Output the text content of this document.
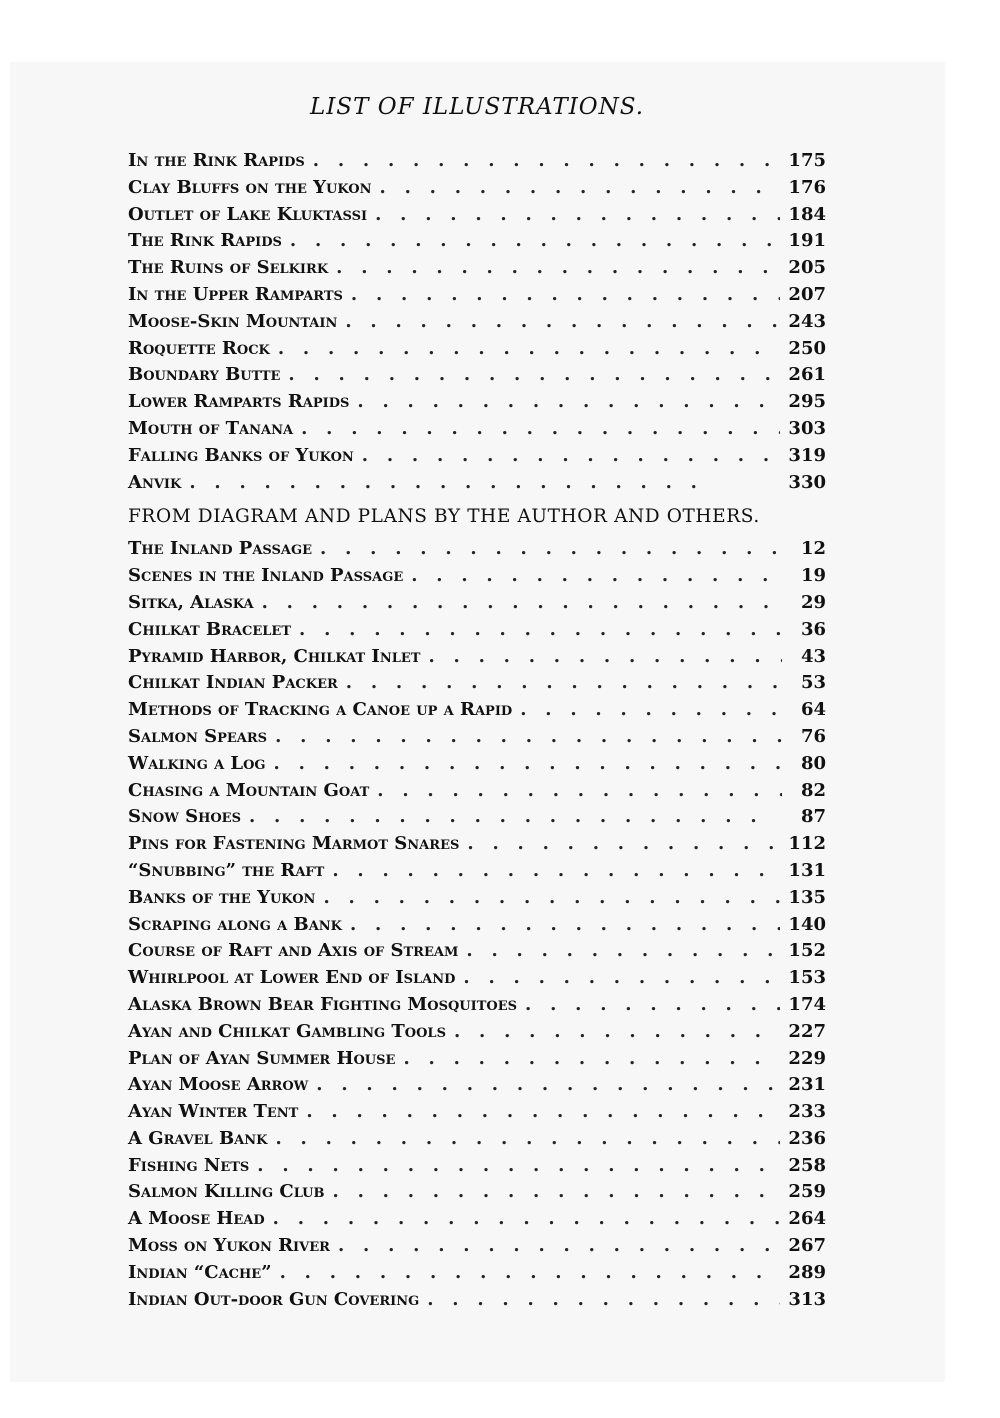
LIST OF ILLUSTRATIONS.
In the Rink Rapids . .	175
Clay Bluffs on the Yukon . .	176
Outlet of Lake Kluktassi . .	184
The Rink Rapids . .	191
The Ruins of Selkirk . .	205
In the Upper Ramparts . .	207
Moose-Skin Mountain . .	243
Roquette Rock . .	250
Boundary Butte . .	261
Lower Ramparts Rapids . .	295
Mouth of Tanana . .	303
Falling Banks of Yukon . .	319
Anvik . .	330
FROM DIAGRAM AND PLANS BY THE AUTHOR AND OTHERS.
The Inland Passage . .	12
Scenes in the Inland Passage . .	19
Sitka, Alaska . .	29
Chilkat Bracelet . .	36
Pyramid Harbor, Chilkat Inlet . .	43
Chilkat Indian Packer . .	53
Methods of Tracking a Canoe up a Rapid . .	64
Salmon Spears . .	76
Walking a Log . .	80
Chasing a Mountain Goat . .	82
Snow Shoes . .	87
Pins for Fastening Marmot Snares . .	112
“Snubbing” the Raft . .	131
Banks of the Yukon . .	135
Scraping along a Bank . .	140
Course of Raft and Axis of Stream . .	152
Whirlpool at Lower End of Island . .	153
Alaska Brown Bear Fighting Mosquitoes . .	174
Ayan and Chilkat Gambling Tools . .	227
Plan of Ayan Summer House . .	229
Ayan Moose Arrow . .	231
Ayan Winter Tent . .	233
A Gravel Bank . .	236
Fishing Nets . .	258
Salmon Killing Club . .	259
A Moose Head . .	264
Moss on Yukon River . .	267
Indian “Cache” . .	289
Indian Out-door Gun Covering . .	313
